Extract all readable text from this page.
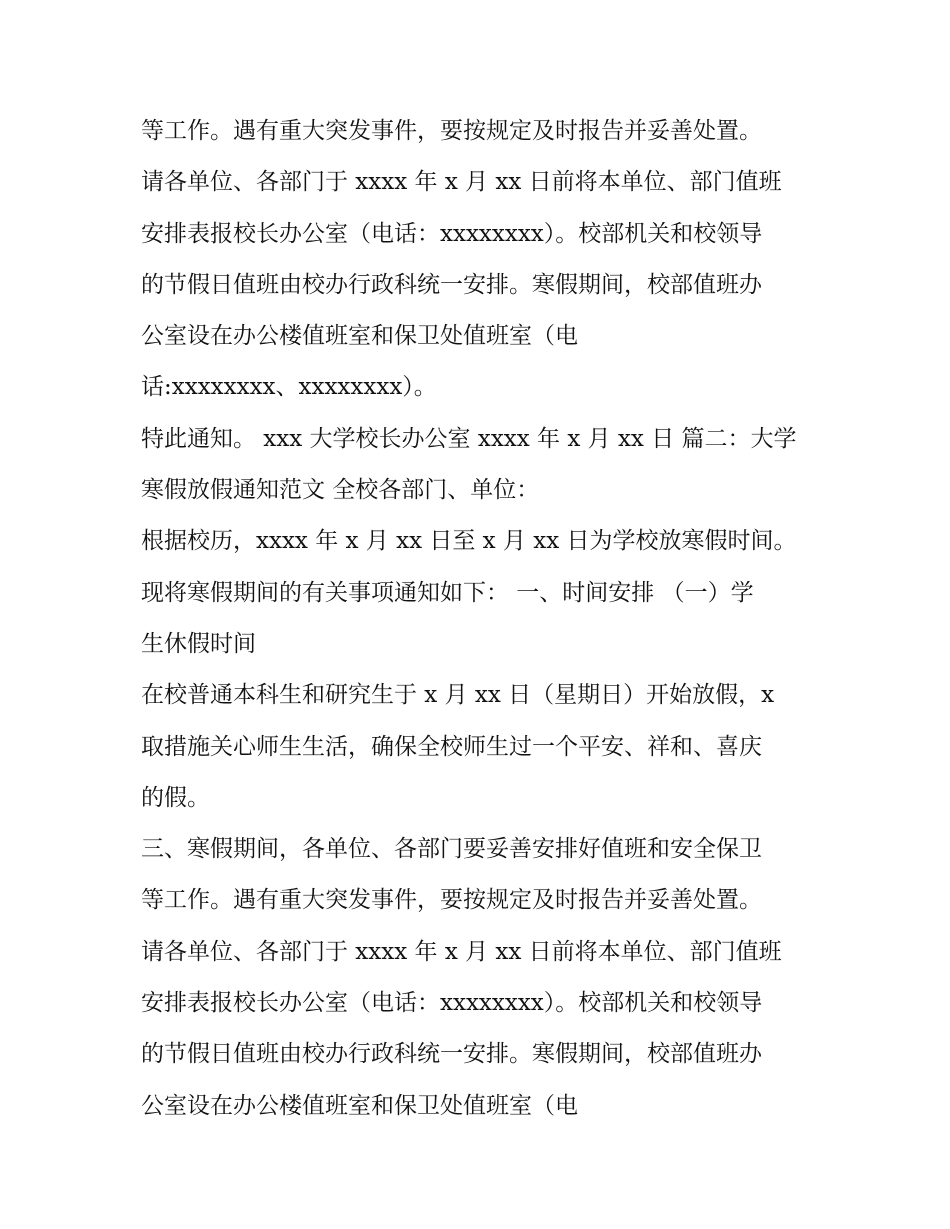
等工作。遇有重大突发事件，要按规定及时报告并妥善处置。
请各单位、各部门于 xxxx 年 x 月 xx 日前将本单位、部门值班
安排表报校长办公室（电话：xxxxxxxx）。校部机关和校领导
的节假日值班由校办行政科统一安排。寒假期间，校部值班办
公室设在办公楼值班室和保卫处值班室（电
话:xxxxxxxx、xxxxxxxx）。
特此通知。 xxx 大学校长办公室 xxxx 年 x 月 xx 日 篇二：大学
寒假放假通知范文 全校各部门、单位：
根据校历，xxxx 年 x 月 xx 日至 x 月 xx 日为学校放寒假时间。
现将寒假期间的有关事项通知如下： 一、时间安排 （一）学
生休假时间
在校普通本科生和研究生于 x 月 xx 日（星期日）开始放假，x
取措施关心师生生活，确保全校师生过一个平安、祥和、喜庆
的假。
三、寒假期间，各单位、各部门要妥善安排好值班和安全保卫
等工作。遇有重大突发事件，要按规定及时报告并妥善处置。
请各单位、各部门于 xxxx 年 x 月 xx 日前将本单位、部门值班
安排表报校长办公室（电话：xxxxxxxx）。校部机关和校领导
的节假日值班由校办行政科统一安排。寒假期间，校部值班办
公室设在办公楼值班室和保卫处值班室（电
